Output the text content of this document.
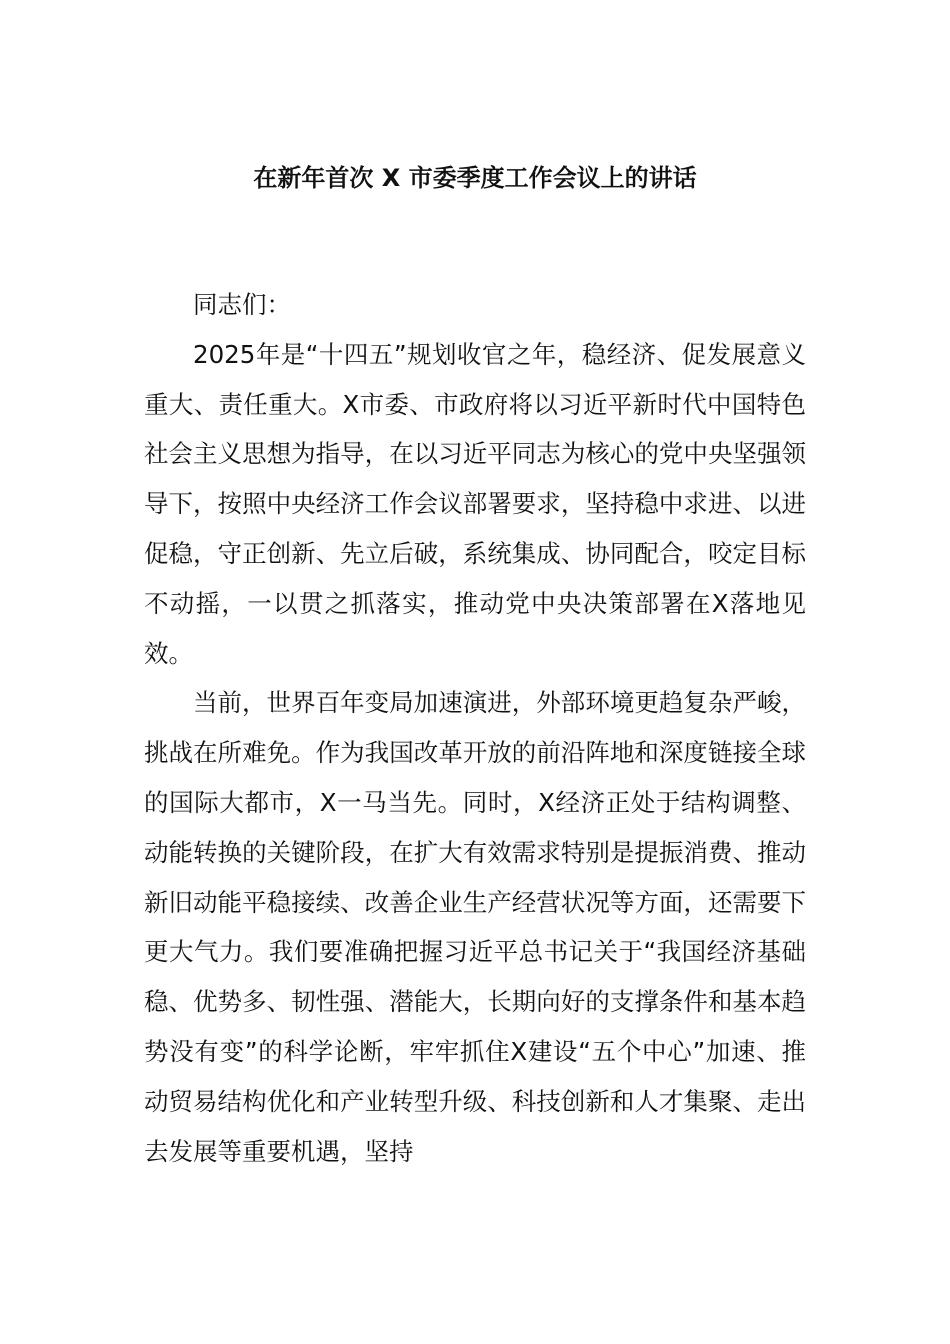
在新年首次 X 市委季度工作会议上的讲话

同志们：

2025年是“十四五”规划收官之年，稳经济、促发展意义重大、责任重大。X市委、市政府将以习近平新时代中国特色社会主义思想为指导，在以习近平同志为核心的党中央坚强领导下，按照中央经济工作会议部署要求，坚持稳中求进、以进促稳，守正创新、先立后破，系统集成、协同配合，咬定目标不动摇，一以贯之抓落实，推动党中央决策部署在X落地见效。

当前，世界百年变局加速演进，外部环境更趋复杂严峻，挑战在所难免。作为我国改革开放的前沿阵地和深度链接全球的国际大都市，X一马当先。同时，X经济正处于结构调整、动能转换的关键阶段，在扩大有效需求特别是提振消费、推动新旧动能平稳接续、改善企业生产经营状况等方面，还需要下更大气力。我们要准确把握习近平总书记关于“我国经济基础稳、优势多、韧性强、潜能大，长期向好的支撑条件和基本趋势没有变”的科学论断，牢牢抓住X建设“五个中心”加速、推动贸易结构优化和产业转型升级、科技创新和人才集聚、走出去发展等重要机遇，坚持
